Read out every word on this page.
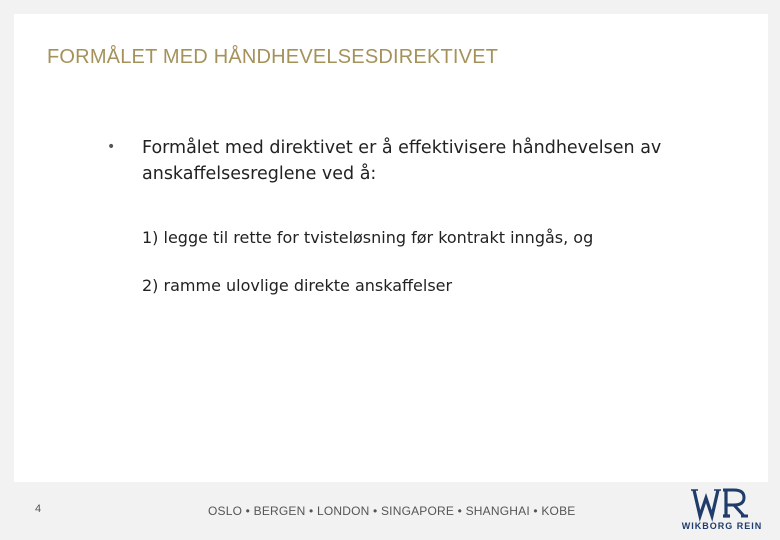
FORMÅLET MED HÅNDHEVELSESDIREKTIVET
• Formålet med direktivet er å effektivisere håndhevelsen av
anskaffelsesreglene ved å:
1) legge til rette for tvisteløsning før kontrakt inngås, og
2) ramme ulovlige direkte anskaffelser
4	OSLO • BERGEN • LONDON • SINGAPORE • SHANGHAI • KOBE
WIKBORG REIN
